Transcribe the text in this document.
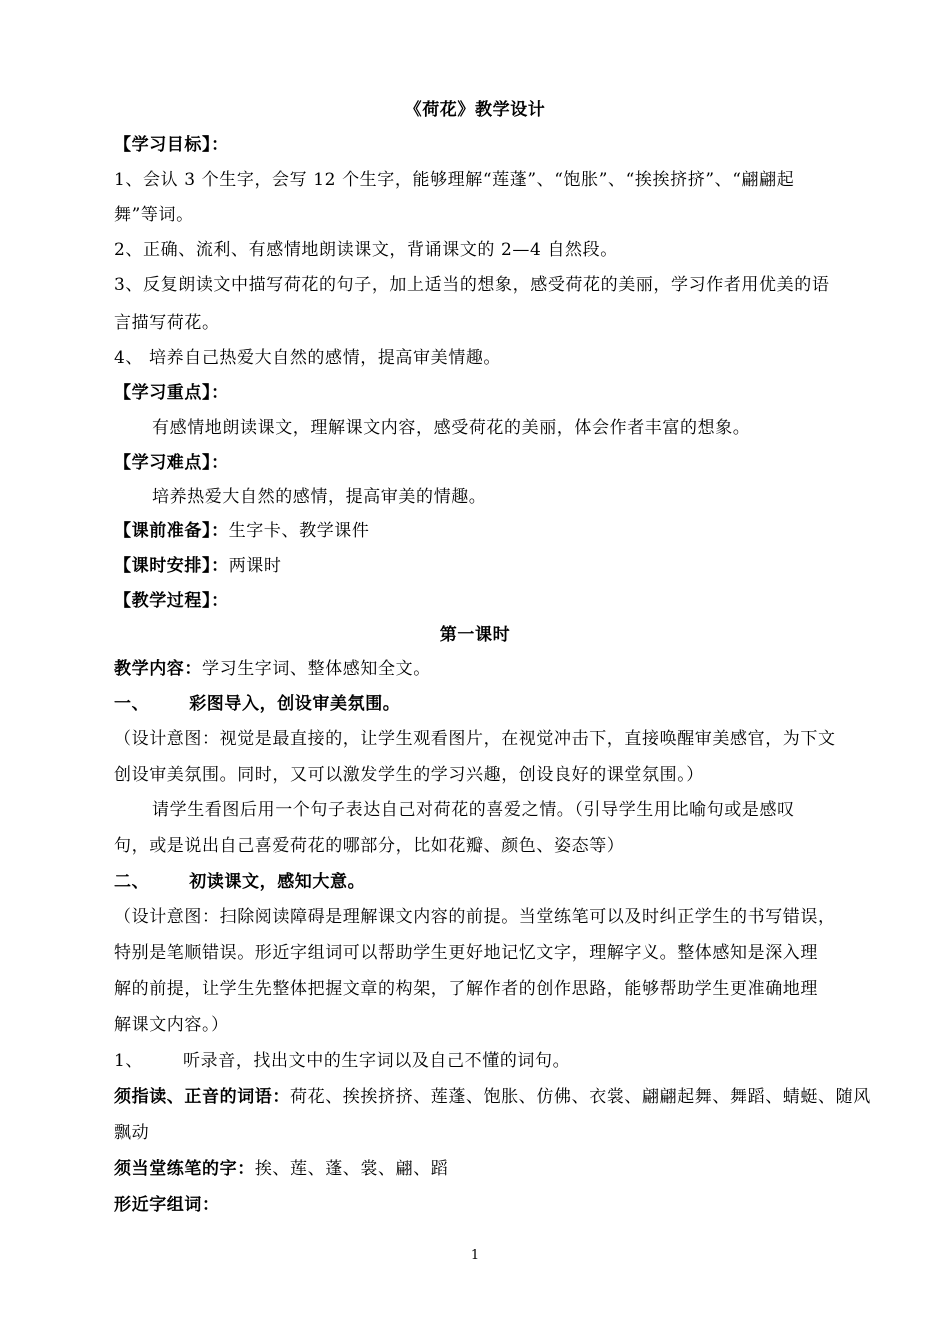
《荷花》教学设计
【学习目标】：
1、会认 3 个生字，会写 12 个生字，能够理解“莲蓬”、“饱胀”、“挨挨挤挤”、“翩翩起
舞”等词。
2、正确、流利、有感情地朗读课文，背诵课文的 2—4 自然段。
3、反复朗读文中描写荷花的句子，加上适当的想象，感受荷花的美丽，学习作者用优美的语
言描写荷花。
4、 培养自己热爱大自然的感情，提高审美情趣。
【学习重点】：
有感情地朗读课文，理解课文内容，感受荷花的美丽，体会作者丰富的想象。
【学习难点】：
培养热爱大自然的感情，提高审美的情趣。
【课前准备】：生字卡、教学课件
【课时安排】：两课时
【教学过程】：
第一课时
教学内容：学习生字词、整体感知全文。
一、 彩图导入，创设审美氛围。
（设计意图：视觉是最直接的，让学生观看图片，在视觉冲击下，直接唤醒审美感官，为下文
创设审美氛围。同时，又可以激发学生的学习兴趣，创设良好的课堂氛围。）
请学生看图后用一个句子表达自己对荷花的喜爱之情。（引导学生用比喻句或是感叹
句，或是说出自己喜爱荷花的哪部分，比如花瓣、颜色、姿态等）
二、 初读课文，感知大意。
（设计意图：扫除阅读障碍是理解课文内容的前提。当堂练笔可以及时纠正学生的书写错误，
特别是笔顺错误。形近字组词可以帮助学生更好地记忆文字，理解字义。整体感知是深入理
解的前提，让学生先整体把握文章的构架，了解作者的创作思路，能够帮助学生更准确地理
解课文内容。）
1、 听录音，找出文中的生字词以及自己不懂的词句。
须指读、正音的词语：荷花、挨挨挤挤、莲蓬、饱胀、仿佛、衣裳、翩翩起舞、舞蹈、蜻蜓、随风
飘动
须当堂练笔的字：挨、莲、蓬、裳、翩、蹈
形近字组词：
1
